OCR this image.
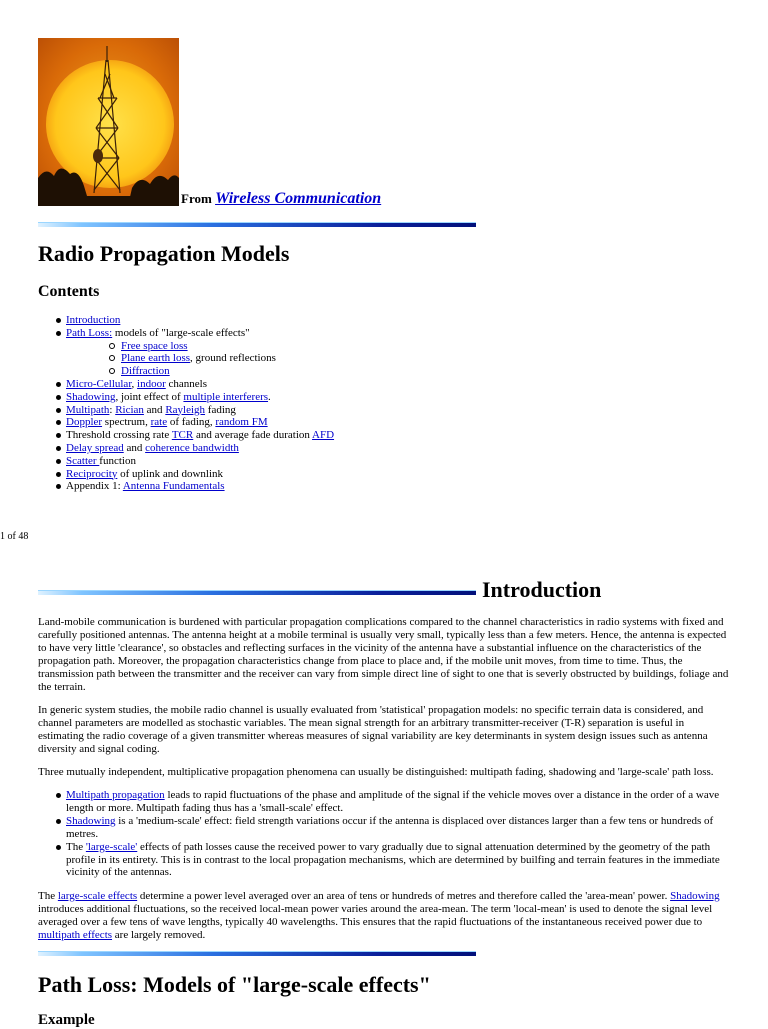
From Wireless Communication
Radio Propagation Models
Contents
Introduction
Path Loss: models of "large-scale effects"
Free space loss
Plane earth loss, ground reflections
Diffraction
Micro-Cellular, indoor channels
Shadowing, joint effect of multiple interferers.
Multipath: Rician and Rayleigh fading
Doppler spectrum, rate of fading, random FM
Threshold crossing rate TCR and average fade duration AFD
Delay spread and coherence bandwidth
Scatter function
Reciprocity of uplink and downlink
Appendix 1: Antenna Fundamentals
1 of 48
Introduction

Land-mobile communication is burdened with particular propagation complications compared to the channel characteristics in radio systems with fixed and carefully positioned antennas. The antenna height at a mobile terminal is usually very small, typically less than a few meters. Hence, the antenna is expected to have very little 'clearance', so obstacles and reflecting surfaces in the vicinity of the antenna have a substantial influence on the characteristics of the propagation path. Moreover, the propagation characteristics change from place to place and, if the mobile unit moves, from time to time. Thus, the transmission path between the transmitter and the receiver can vary from simple direct line of sight to one that is severly obstructed by buildings, foliage and the terrain.

In generic system studies, the mobile radio channel is usually evaluated from 'statistical' propagation models: no specific terrain data is considered, and channel parameters are modelled as stochastic variables. The mean signal strength for an arbitrary transmitter-receiver (T-R) separation is useful in estimating the radio coverage of a given transmitter whereas measures of signal variability are key determinants in system design issues such as antenna diversity and signal coding.

Three mutually independent, multiplicative propagation phenomena can usually be distinguished: multipath fading, shadowing and 'large-scale' path loss.

Multipath propagation leads to rapid fluctuations of the phase and amplitude of the signal if the vehicle moves over a distance in the order of a wave length or more. Multipath fading thus has a 'small-scale' effect.
Shadowing is a 'medium-scale' effect: field strength variations occur if the antenna is displaced over distances larger than a few tens or hundreds of metres.
The 'large-scale' effects of path losses cause the received power to vary gradually due to signal attenuation determined by the geometry of the path profile in its entirety. This is in contrast to the local propagation mechanisms, which are determined by builfing and terrain features in the immediate vicinity of the antennas.

The large-scale effects determine a power level averaged over an area of tens or hundreds of metres and therefore called the 'area-mean' power. Shadowing introduces additional fluctuations, so the received local-mean power varies around the area-mean. The term 'local-mean' is used to denote the signal level averaged over a few tens of wave lengths, typically 40 wavelengths. This ensures that the rapid fluctuations of the instantaneous received power due to multipath effects are largely removed.

Path Loss: Models of "large-scale effects"
Example
